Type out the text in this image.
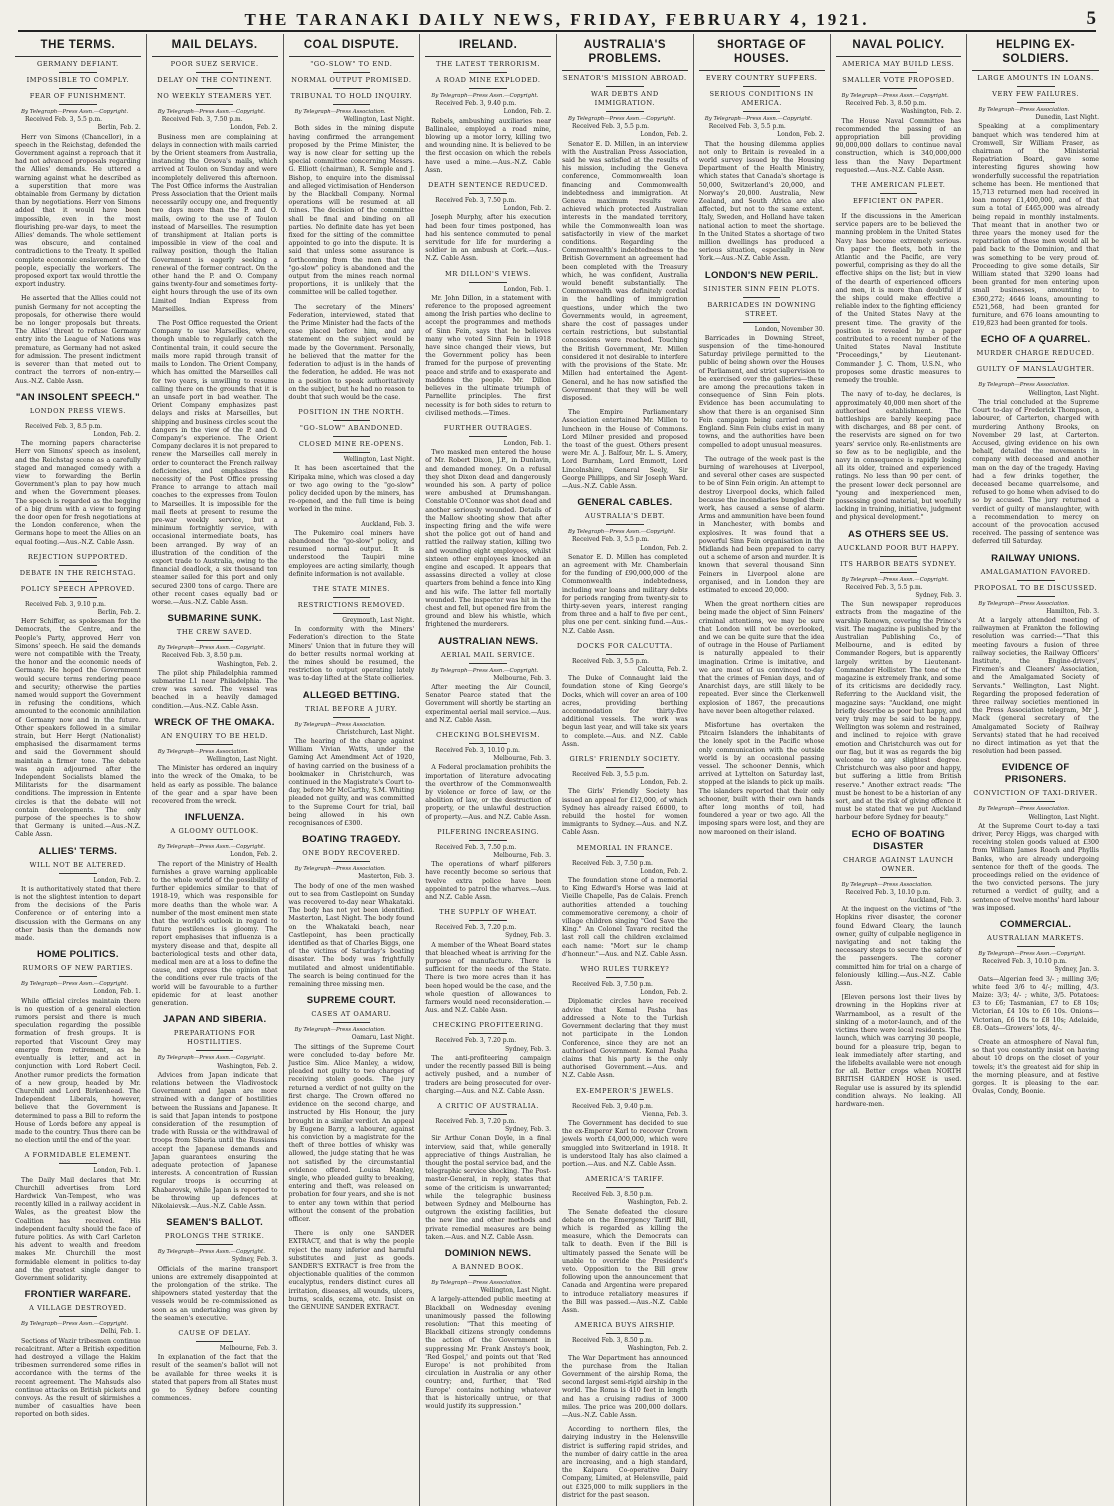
THE TARANAKI DAILY NEWS, FRIDAY, FEBRUARY 4, 1921.	5
THE TERMS.
GERMANY DEFIANT.
IMPOSSIBLE TO COMPLY.
FEAR OF FUNISHMENT.
By Telegraph—Press Assn.—Copyright.
Received Feb. 3, 5.5 p.m.
Berlin, Feb. 2.
Herr von Simons (Chancellor), in a speech in the Reichstag, defended the Government against a reproach that it had not advanced proposals regarding the Allies' demands. He uttered a warning against what he described as a superstition that more was obtainable from Germany by dictation than by negotiations. Herr von Simons added that it would have been impossible, even in the most flourishing pre-war days, to meet the Allies' demands. The whole settlement was obscure, and contained contradictions to the Treaty. It spelled complete economic enslavement of the people, especially the workers. The proposed export tax would throttle the export industry.
He asserted that the Allies could not punish Germany for not accepting the proposals, for otherwise there would be no longer proposals but threats. The Allies' threat to refuse Germany entry into the League of Nations was premature, as Germany had not asked for admission. The present indictment is severer than that meted out to contract the terrors of non-entry.—Aus.-N.Z. Cable Assn.
"AN INSOLENT SPEECH."
LONDON PRESS VIEWS.
Received Feb. 3, 8.5 p.m.
London, Feb. 2.
The morning papers characterise Herr von Simons' speech as insolent, and the Reichstag scene as a carefully staged and managed comedy with a view to forwarding the Berlin Government's plan to pay how much and when the Government pleases. The speech is regarded as the begging of a big drum with a view to forging the door open for fresh negotiations at the London conference, when the Germans hope to meet the Allies on an equal footing.—Aus.-N.Z. Cable Assn.
REJECTION SUPPORTED.
DEBATE IN THE REICHSTAG.
POLICY SPEECH APPROVED.
Received Feb. 3, 9.10 p.m.
Berlin, Feb. 2.
Herr Schiffer, as spokesman for the Democrats, the Centre, and the People's Party, approved Herr von Simons' speech. He said the demands were not compatible with the Treaty, the honor and the economic needs of Germany. He hoped the Government would secure terms rendering peace and security; otherwise the parties named would support the Government in refusing the conditions, which amounted to the economic annihilation of Germany now and in the future. Other speakers followed in a similar strain, but Herr Hergt (Nationalist) emphasised the disarmament terms and said the Government should maintain a firmer tone. The debate was again adjourned after the Independent Socialists blamed the Militarists for the disarmament conditions. The impression in Entente circles is that the debate will not contain developments. The only purpose of the speeches is to show that Germany is united.—Aus.-N.Z. Cable Assn.
ALLIES' TERMS.
WILL NOT BE ALTERED.
London, Feb. 2.
It is authoritatively stated that there is not the slightest intention to depart from the decisions of the Paris Conference or of entering into a discussion with the Germans on any other basis than the demands now made.
HOME POLITICS.
RUMORS OF NEW PARTIES.
By Telegraph—Press Assn.—Copyright.
London, Feb. 1.
While official circles maintain there is no question of a general election rumors persist and there is much speculation regarding the possible formation of fresh groups. It is reported that Viscount Grey may emerge from retirement, as he eventually is letter, and act in conjunction with Lord Robert Cecil. Another rumor predicts the formation of a new group, headed by Mr. Churchill and Lord Birkenhead. The Independent Liberals, however, believe that the Government is determined to pass a Bill to reform the House of Lords before any appeal is made to the country. Thus there can be no election until the end of the year.
A FORMIDABLE ELEMENT.
London, Feb. 1.
The Daily Mail declares that Mr. Churchill advertises from Lord Hardwick Van-Tempest, who was recently killed in a railway accident in Wales, as the greatest blow the Coalition has received. His independent faculty should the face of future politics. As with Carl Carleton his advent to wealth and freedom makes Mr. Churchill the most formidable element in politics to-day and the greatest single danger to Government solidarity.
FRONTIER WARFARE.
A VILLAGE DESTROYED.
By Telegraph—Press Assn.—Copyright.
Delhi, Feb. 1.
Sections of Wazir tribesmen continue recalcitrant. After a British expedition had destroyed a village the Hakim tribesmen surrendered some rifles in accordance with the terms of the recent agreement. The Mahsuds also continue attacks on British pickets and convoys. As the result of skirmishes a number of casualties have been reported on both sides.
MAIL DELAYS.
POOR SUEZ SERVICE.
DELAY ON THE CONTINENT.
NO WEEKLY STEAMERS YET.
By Telegraph—Press Assn.—Copyright.
Received Feb. 3, 7.50 p.m.
London, Feb. 2.
Business men are complaining at delays in connection with mails carried by the Orient steamers from Australia, instancing the Orsova's mails, which arrived at Toulon on Sunday and were incompletely delivered this afternoon. The Post Office informs the Australian Press Association that the Orient mails necessarily occupy one, and frequently two days more than the P. and O. mails, owing to the use of Toulon instead of Marseilles. The resumption of transhipment at Italian ports is impossible in view of the coal and railway position, though the Italian Government is eagerly seeking a renewal of the former contract. On the other hand the P. and O. Company gains twenty-four and sometimes forty-eight hours through the use of its own Limited Indian Express from Marseilles.
The Post Office requested the Orient Company to use Marseilles, where, though unable to regularly catch the Continental train, it could secure the mails more rapid through transit of mails to London. The Orient Company, which has omitted the Marseilles call for two years, is unwilling to resume calling there on the grounds that it is an unsafe port in bad weather. The Orient Company emphasizes past delays and risks at Marseilles, but shipping and business circles scout the dangers in the view of the P. and O. Company's experience. The Orient Company declares it is not prepared to renew the Marseilles call merely in order to counteract the French railway deficiencies, and emphasizes the necessity of the Post Office pressing France to arrange to attach mail coaches to the expresses from Toulon to Marseilles. It is impossible for the mail fleets at present to resume the pre-war weekly service, but a minimum fortnightly service, with occasional intermediate boats, has been arranged. By way of an illustration of the condition of the export trade to Australia, owing to the financial deadlock, a six thousand ton steamer sailed for this port and only secured 2300 tons of cargo. There are other recent cases equally bad or worse.—Aus.-N.Z. Cable Assn.
SUBMARINE SUNK.
THE CREW SAVED.
By Telegraph—Press Assn.—Copyright.
Received Feb. 3, 8.50 p.m.
Washington, Feb. 2.
The pilot ship Philadelphia rammed submarine L1 near Philadelphia. The crew was saved. The vessel was beached in a heavily damaged condition.—Aus.-N.Z. Cable Assn.
WRECK OF THE OMAKA.
AN ENQUIRY TO BE HELD.
By Telegraph—Press Association.
Wellington, Last Night.
The Minister has ordered an inquiry into the wreck of the Omaka, to be held as early as possible. The balance of the gear and a spar have been recovered from the wreck.
INFLUENZA.
A GLOOMY OUTLOOK.
By Telegraph—Press Assn.—Copyright.
London, Feb. 2.
The report of the Ministry of Health furnishes a grave warning applicable to the whole world of the possibility of further epidemics similar to that of 1918-19, which was responsible for more deaths than the whole war. A number of the most eminent men state that the world's outlook in regard to future pestilences is gloomy. The report emphasises that influenza is a mystery disease and that, despite all bacteriological tests and other data, medical men are at a loss to define the cause, and express the opinion that the conditions ever rule tracts of the world will be favourable to a further epidemic for at least another generation.
JAPAN AND SIBERIA.
PREPARATIONS FOR HOSTILITIES.
By Telegraph—Press Assn.—Copyright.
Washington, Feb. 2.
Advices from Japan indicate that relations between the Vladivostock Government and Japan are more strained with a danger of hostilities between the Russians and Japanese. It is said that Japan intends to postpone consideration of the resumption of trade with Russia or the withdrawal of troops from Siberia until the Russians accept the Japanese demands and Japan guarantees ensuring the adequate protection of Japanese interests. A concentration of Russian regular troops is occurring at Khabarovsk, while Japan is reported to be throwing up defences at Nikolaievsk.—Aus.-N.Z. Cable Assn.
SEAMEN'S BALLOT.
PROLONGS THE STRIKE.
By Telegraph—Press Assn.—Copyright.
Sydney, Feb. 3.
Officials of the marine transport unions are extremely disappointed at the prolongation of the strike. The shipowners stated yesterday that the vessels would be re-commissioned as soon as an undertaking was given by the seamen's executive.
CAUSE OF DELAY.
Melbourne, Feb. 3.
In explanation of the fact that the result of the seamen's ballot will not be available for three weeks it is stated that papers from all States must go to Sydney before counting commences.
COAL DISPUTE.
"GO-SLOW" TO END.
NORMAL OUTPUT PROMISED.
TRIBUNAL TO HOLD INQUIRY.
By Telegraph—Press Association.
Wellington, Last Night.
Both sides in the mining dispute having confirmed the arrangement proposed by the Prime Minister, the way is now clear for setting up the special committee concerning Messrs. G. Elliott (chairman), R. Semple and J. Bishop, to enquire into the dismissal and alleged victimisation of Henderson by the Blackball Company. Normal operations will be resumed at all mines. The decision of the committee shall be final and binding on all parties. No definite date has yet been fixed for the sitting of the committee appointed to go into the dispute. It is said that unless some assurance is forthcoming from the men that the "go-slow" policy is abandoned and the output from the mines reach normal proportions, it is unlikely that the committee will be called together.
The secretary of the Miners' Federation, interviewed, stated that the Prime Minister had the facts of the case placed before him, and any statement on the subject would be made by the Government. Personally, he believed that the matter for the federation to adjust is in the hands of the federation, he added. He was not in a position to speak authoritatively on the subject, but he had no reason to doubt that such would be the case.
POSITION IN THE NORTH.
"GO-SLOW" ABANDONED.
CLOSED MINE RE-OPENS.
Wellington, Last Night.
It has been ascertained that the Kiripaka mine, which was closed a day or two ago owing to the "go-slow" policy decided upon by the miners, has re-opened, and the full time is being worked in the mine.
Auckland, Feb. 3.
The Pukemiro coal miners have abandoned the "go-slow" policy, and resumed normal output. It is understood the Taupiri mine employees are acting similarly, though definite information is not available.
THE STATE MINES.
RESTRICTIONS REMOVED.
Greymouth, Last Night.
In conformity with the Miners' Federation's direction to the State Miners' Union that in future they will do better results normal working at the mines should be resumed, the restriction to output operating lately was to-day lifted at the State collieries.
ALLEGED BETTING.
TRIAL BEFORE A JURY.
By Telegraph—Press Association.
Christchurch, Last Night.
The hearing of the charge against William Vivian Watts, under the Gaming Act Amendment Act of 1920, of having carried on the business of a bookmaker in Christchurch, was continued in the Magistrate's Court to-day, before Mr McCarthy, S.M. Whiting pleaded not guilty, and was committed to the Supreme Court for trial, bail being allowed in his own recognisances of £300.
BOATING TRAGEDY.
ONE BODY RECOVERED.
By Telegraph—Press Association.
Masterton, Feb. 3.
The body of one of the men washed out to sea from Castlepoint on Sunday was recovered to-day near Whakataki. The body has not yet been identified. Masterton, Last Night. The body found on the Whakataki beach, near Castlepoint, has been practically identified as that of Charles Biggs, one of the victims of Saturday's boating disaster. The body was frightfully mutilated and almost unidentifiable. The search is being continued for the remaining three missing men.
SUPREME COURT.
CASES AT OAMARU.
By Telegraph—Press Association.
Oamaru, Last Night.
The sittings of the Supreme Court were concluded to-day before Mr. Justice Sim. Alice Manley, a widow, pleaded not guilty to two charges of receiving stolen goods. The jury returned a verdict of not guilty on the first charge. The Crown offered no evidence on the second charge, and instructed by His Honour, the jury brought in a similar verdict. An appeal by Eugene Barry, a labourer, against his conviction by a magistrate for the theft of three bottles of whisky was allowed, the judge stating that he was not satisfied by the circumstantial evidence offered. Louisa Manley, single, who pleaded guilty to breaking, entering and theft, was released on probation for four years, and she is not to enter any town within that period without the consent of the probation officer.
There is only one SANDER EXTRACT, and that is why the people reject the many inferior and harmful substitutes and just as goods. SANDER'S EXTRACT is free from the objectionable qualities of the common eucalyptus, renders distinct cures all irritation, diseases, all wounds, ulcers, burns, scalds, eczema, etc. Insist on the GENUINE SANDER EXTRACT.
IRELAND.
THE LATEST TERRORISM.
A ROAD MINE EXPLODED.
By Telegraph—Press Assn.—Copyright.
Received Feb. 3, 9.40 p.m.
London, Feb. 2.
Rebels, ambushing auxiliaries near Ballinalee, employed a road mine, blowing up a motor lorry, killing two and wounding nine. It is believed to be the first occasion on which the rebels have used a mine.—Aus.-N.Z. Cable Assn.
DEATH SENTENCE REDUCED.
Received Feb. 3, 7.50 p.m.
London, Feb. 2.
Joseph Murphy, after his execution had been four times postponed, has had his sentence commuted to penal servitude for life for murdering a soldier in an ambush at Cork.—Aus.-N.Z. Cable Assn.
MR DILLON'S VIEWS.
London, Feb. 1.
Mr. John Dillon, in a statement with reference to the proposed agreement among the Irish parties who decline to accept the programmes and methods of Sinn Fein, says that he believes many who voted Sinn Fein in 1918 have since changed their views, but the Government policy has been framed for the purpose of preventing peace and strife and to exasperate and maddens the people. Mr. Dillon believes in the ultimate triumph of Parnellite principles. The first necessity is for both sides to return to civilised methods.—Times.
FURTHER OUTRAGES.
London, Feb. 1.
Two masked men entered the house of Mr. Robert Dixon, J.P., in Dunlavin, and demanded money. On a refusal they shot Dixon dead and dangerously wounded his son. A party of police were ambushed at Drumshangan. Constable O'Connor was shot dead and another seriously wounded. Details of the Mallow shooting show that after inspecting firing and the wife were shot the police got out of hand and rattled the railway station, killing two and wounding eight employees, whilst sixteen other employees knocked an engine and escaped. It appears that assassins directed a volley at close quarters from behind a fence into King and his wife. The latter fell mortally wounded. The inspector was hit in the chest and fell, but opened fire from the ground and blew his whistle, which frightened the murderers.
AUSTRALIAN NEWS.
AERIAL MAIL SERVICE.
By Telegraph—Press Assn.—Copyright.
Melbourne, Feb. 3.
After meeting the Air Council, Senator Pearce stated that the Government will shortly be starting an experimental aerial mail service.—Aus. and N.Z. Cable Assn.
CHECKING BOLSHEVISM.
Received Feb. 3, 10.10 p.m.
Melbourne, Feb. 3.
A Federal proclamation prohibits the importation of literature advocating the overthrow of the Commonwealth by violence or force of law, or the abolition of law, or the destruction of property, or the unlawful destruction of property.—Aus. and N.Z. Cable Assn.
PILFERING INCREASING.
Received Feb. 3, 7.50 p.m.
Melbourne, Feb. 3.
The operations of wharf pilferers have recently become so serious that twelve extra police have been appointed to patrol the wharves.—Aus. and N.Z. Cable Assn.
THE SUPPLY OF WHEAT.
Received Feb. 3, 7.20 p.m.
Sydney, Feb. 3.
A member of the Wheat Board states that bleached wheat is arriving for the purpose of manufacture. There is sufficient for the needs of the State. There is two more acres than it has been hoped would be the case, and the whole question of allowances to farmers would need reconsideration.—Aus. and N.Z. Cable Assn.
CHECKING PROFITEERING.
Received Feb. 3, 7.20 p.m.
Sydney, Feb. 3.
The anti-profiteering campaign under the recently passed Bill is being actively pushed, and a number of traders are being prosecuted for over-charging.—Aus. and N.Z. Cable Assn.
A CRITIC OF AUSTRALIA.
Received Feb. 3, 7.20 p.m.
Sydney, Feb. 3.
Sir Arthur Conan Doyle, in a final interview, said that, while generally appreciative of things Australian, he thought the postal service bad, and the telegraphic service shocking. The Post-master-General, in reply, states that some of the criticism is unwarranted; while the telegraphic business between Sydney and Melbourne has outgrown the existing facilities, but the new line and other methods and private remedial measures are being taken.—Aus. and N.Z. Cable Assn.
DOMINION NEWS.
A BANNED BOOK.
By Telegraph—Press Association.
Wellington, Last Night.
A largely-attended public meeting at Blackball on Wednesday evening unanimously passed the following resolution: "That this meeting of Blackball citizens strongly condemns the action of the Government in suppressing Mr. Frank Anstey's book, 'Red Gospel,' and points out that 'Red Europe' is not prohibited from circulation in Australia or any other country; and, further, that 'Red Europe' contains nothing whatever that is historically untrue, or that would justify its suppression."
AUSTRALIA'S PROBLEMS.
SENATOR'S MISSION ABROAD.
WAR DEBTS AND IMMIGRATION.
By Telegraph—Press Assn.—Copyright.
Received Feb. 3, 5.5 p.m.
London, Feb. 2.
Senator E. D. Millen, in an interview with the Australian Press Association, said he was satisfied at the results of his mission, including the Geneva conference, Commonwealth loan financing and Commonwealth indebtedness and immigration. At Geneva maximum results were achieved which protected Australian interests in the mandated territory, while the Commonwealth loan was satisfactorily in view of the market conditions. Regarding the Commonwealth's indebtedness to the British Government an agreement had been completed with the Treasury which, he was confident, Australia would benefit substantially. The Commonwealth was definitely cordial in the handling of immigration questions, under which the two Governments would, in agreement, share the cost of passages under certain restrictions, but substantial concessions were reached. Touching the British Government, Mr. Millen considered it not desirable to interfere with the provisions of the State. Mr. Millen had entertained the Agent-General, and he has now satisfied the Government that they will be well disposed.
The Empire Parliamentary Association entertained Mr. Millen to luncheon in the House of Commons. Lord Milner presided and proposed the toast of the guest. Others present were Mr. A. J. Balfour, Mr. L. S. Amery, Lord Burnham, Lord Emmott, Lord Lincolnshire, General Seely, Sir George Phillipps, and Sir Joseph Ward.—Aus.-N.Z. Cable Assn.
GENERAL CABLES.
AUSTRALIA'S DEBT.
By Telegraph—Press Assn.—Copyright.
Received Feb. 3, 5.5 p.m.
London, Feb. 2.
Senator E. D. Millen has completed an agreement with Mr. Chamberlain for the funding of £90,000,000 of the Commonwealth indebtedness, including war loans and military debts for periods ranging from twenty-six to thirty-seven years, interest ranging from three and a half to five per cent., plus one per cent. sinking fund.—Aus.-N.Z. Cable Assn.
DOCKS FOR CALCUTTA.
Received Feb. 3, 5.5 p.m.
Calcutta, Feb. 2.
The Duke of Connaught laid the foundation stone of King George's Docks, which will cover an area of 100 acres, providing berthing accommodation for thirty-five additional vessels. The work was begun last year, and will take six years to complete.—Aus. and N.Z. Cable Assn.
GIRLS' FRIENDLY SOCIETY.
Received Feb. 3, 5.5 p.m.
London, Feb. 2.
The Girls' Friendly Society has issued an appeal for £12,000, of which Sydney has already raised £6000, to rebuild the hostel for women immigrants to Sydney.—Aus. and N.Z. Cable Assn.
MEMORIAL IN FRANCE.
Received Feb. 3, 7.50 p.m.
London, Feb. 2.
The foundation stone of a memorial to King Edward's Horse was laid at Vieille Chapelle, Pas de Calais. French authorities attended a touching commemorative ceremony, a choir of village children singing "God Save the King." An Colonel Tavare recited the last roll call the children exclaimed each name: "Mort sur le champ d'honneur."—Aus. and N.Z. Cable Assn.
WHO RULES TURKEY?
Received Feb. 3, 7.50 p.m.
London, Feb. 2.
Diplomatic circles have received advice that Kemal Pasha has addressed a Note to the Turkish Government declaring that they must not participate in the London Conference, since they are not an authorised Government. Kemal Pasha claims that his party is the only authorised Government.—Aus. and N.Z. Cable Assn.
EX-EMPEROR'S JEWELS.
Received Feb. 3, 9.40 p.m.
Vienna, Feb. 3.
The Government has decided to sue the ex-Emperor Karl to recover Crown jewels worth £4,000,000, which were smuggled into Switzerland in 1918. It is understood Italy has also claimed a portion.—Aus. and N.Z. Cable Assn.
AMERICA'S TARIFF.
Received Feb. 3, 8.50 p.m.
Washington, Feb. 2.
The Senate defeated the closure debate on the Emergency Tariff Bill, which is regarded as killing the measure, which the Democrats can talk to death. Even if the Bill is ultimately passed the Senate will be unable to override the President's veto. Opposition to the Bill grew following upon the announcement that Canada and Argentina were prepared to introduce retaliatory measures if the Bill was passed.—Aus.-N.Z. Cable Assn.
AMERICA BUYS AIRSHIP.
Received Feb. 3, 8.50 p.m.
Washington, Feb. 2.
The War Department has announced the purchase from the Italian Government of the airship Roma, the second largest semi-rigid airship in the world. The Roma is 410 feet in length and has a cruising radius of 3000 miles. The price was 200,000 dollars.—Aus.-N.Z. Cable Assn.
According to northern files, the dairying industry in the Helensville district is suffering rapid strides, and the number of dairy cattle in the area are increasing, and a high standard, the Kaipara Co-operative Dairy Company, Limited, at Helensville, paid out £325,000 to milk suppliers in the district for the past season.
SHORTAGE OF HOUSES.
EVERY COUNTRY SUFFERS.
SERIOUS CONDITIONS IN AMERICA.
By Telegraph—Press Assn.—Copyright.
Received Feb. 3, 5.5 p.m.
London, Feb. 2.
That the housing dilemma applies not only to Britain is revealed in a world survey issued by the Housing Department of the Health Ministry, which states that Canada's shortage is 50,000, Switzerland's 20,000, and Norway's 20,000. Australia, New Zealand, and South Africa are also affected, but not to the same extent. Italy, Sweden, and Holland have taken national action to meet the shortage. In the United States a shortage of two million dwellings has produced a serious situation, especially in New York.—Aus.-N.Z. Cable Assn.
LONDON'S NEW PERIL.
SINISTER SINN FEIN PLOTS.
BARRICADES IN DOWNING STREET.
London, November 30.
Barricades in Downing Street, suspension of the time-honoured Saturday privilege permitted to the public of being shown over the Houses of Parliament, and strict supervision to be exercised over the galleries—these are among the precautions taken in consequence of Sinn Fein plots. Evidence has been accumulating to show that there is an organised Sinn Fein campaign being carried out in England. Sinn Fein clubs exist in many towns, and the authorities have been compelled to adopt unusual measures.
The outrage of the week past is the burning of warehouses at Liverpool, and several other cases are suspected to be of Sinn Fein origin. An attempt to destroy Liverpool docks, which failed because the incendiaries bungled their work, has caused a sense of alarm. Arms and ammunition have been found in Manchester, with bombs and explosives. It was found that a powerful Sinn Fein organisation in the Midlands had been prepared to carry out a scheme of arson and murder. It is known that several thousand Sinn Feiners in Liverpool alone are organised, and in London they are estimated to exceed 20,000.
When the great northern cities are being made the object of Sinn Feiners' criminal attentions, we may be sure that London will not be overlooked, and we can be quite sure that the idea of outrage in the House of Parliament is naturally appealed to their imagination. Crime is imitative, and we are most of us convinced to-day that the crimes of Fenian days, and of Anarchist days, are still likely to be repeated. Ever since the Clerkenwell explosion of 1867, the precautions have never been altogether relaxed.
Misfortune has overtaken the Pitcairn Islanders the inhabitants of the lonely spot in the Pacific whose only communication with the outside world is by an occasional passing vessel. The schooner Dennis, which arrived at Lyttelton on Saturday last, stopped at the islands to pick up mails. The islanders reported that their only schooner, built with their own hands after long months of toil, had foundered a year or two ago. All the imposing spars were lost, and they are now marooned on their island.
NAVAL POLICY.
AMERICA MAY BUILD LESS.
SMALLER VOTE PROPOSED.
By Telegraph—Press Assn.—Copyright.
Received Feb. 3, 8.50 p.m.
Washington, Feb. 2.
The House Naval Committee has recommended the passing of an appropriation bill providing 90,000,000 dollars to continue naval construction, which is 340,000,000 less than the Navy Department requested.—Aus.-N.Z. Cable Assn.
THE AMERICAN FLEET.
EFFICIENT ON PAPER.
If the discussions in the American service papers are to be believed the manning problem in the United States Navy has become extremely serious. On paper the fleets, both in the Atlantic and the Pacific, are very powerful, comprising as they do all the effective ships on the list; but in view of the dearth of experienced officers and men, it is more than doubtful if the ships could make effective a reliable index to the fighting efficiency of the United States Navy at the present time. The gravity of the position is revealed by a paper contributed to a recent number of the United States Naval Institute "Proceedings," by Lieutenant-Commander J. C. Thom, U.S.N., who proposes some drastic measures to remedy the trouble.
The navy of to-day, he declares, is approximately 40,000 men short of the authorised establishment. The battleships are barely keeping pace with discharges, and 88 per cent. of the reservists are signed on for two years' service only. Re-enlistments are so few as to be negligible, and the navy in consequence is rapidly losing all its older, trained and experienced ratings. No less than 90 per cent. of the present lower deck personnel are "young and inexperienced men, possessing good material, but woefully lacking in training, initiative, judgment and physical development."
AS OTHERS SEE US.
AUCKLAND POOR BUT HAPPY.
ITS HARBOR BEATS SYDNEY.
By Telegraph—Press Assn.—Copyright.
Received Feb. 3, 5.5 p.m.
Sydney, Feb. 3.
The Sun newspaper reproduces extracts from the magazine of the warship Renown, covering the Prince's visit. The magazine is published by the Australian Publishing Co., of Melbourne, and is edited by Commander Rogers, but is apparently largely written by Lieutenant-Commander Hollister. The tone of the magazine is extremely frank, and some of its criticisms are decidedly racy. Referring to the Auckland visit, the magazine says: "Auckland, one might briefly describe as poor but happy, and very truly may be said to be happy. Wellington was solemn and restrained, and inclined to rejoice with grave emotion and Christchurch was out for our flag, but it was as regards the big welcome to any slightest degree. Christchurch was also poor and happy, but suffering a little from British reserve." Another extract reads: "The must be honest to be a historian of any sort, and at the risk of giving offence it must be stated that we put Auckland harbour before Sydney for beauty."
ECHO OF BOATING DISASTER
CHARGE AGAINST LAUNCH OWNER.
By Telegraph—Press Association.
Received Feb. 3, 10.10 p.m.
Auckland, Feb. 3.
At the inquest on the victims of "the Hopkins river disaster, the coroner found Edward Cleary, the launch owner, guilty of culpable negligence in navigating and not taking the necessary steps to secure the safety of the passengers. The coroner committed him for trial on a charge of feloniously killing.—Aus.-N.Z. Cable Assn.
[Eleven persons lost their lives by drowning in the Hopkins river at Warrnambool, as a result of the sinking of a motor-launch, and of the victims there were local residents. The launch, which was carrying 30 people, bound for a pleasure trip, began to leak immediately after starting, and the lifebelts available were not enough for all. Better crops when NORTH BRITISH GARDEN HOSE is used. Regular use is assured by its splendid condition always. No leaking. All hardware-men.
HELPING EX-SOLDIERS.
LARGE AMOUNTS IN LOANS.
VERY FEW FAILURES.
By Telegraph—Press Association.
Dunedin, Last Night.
Speaking at a complimentary banquet which was tendered him at Cromwell, Sir William Fraser, as chairman of the Ministerial Repatriation Board, gave some interesting figures showing how wonderfully successful the repatriation scheme has been. He mentioned that 15,713 returned men had received in loan money £1,400,000, and of that sum a total of £465,000 was already being repaid in monthly instalments. That meant that in another two or three years the money used for the repatriation of these men would all be paid back to the Dominion, and that was something to be very proud of. Proceeding to give some details, Sir William stated that 3290 loans had been granted for men entering upon small businesses, amounting to £360,272; 4646 loans, amounting to £521,568, had been granted for furniture, and 676 loans amounting to £19,823 had been granted for tools.
ECHO OF A QUARREL.
MURDER CHARGE REDUCED.
GUILTY OF MANSLAUGHTER.
By Telegraph—Press Association.
Wellington, Last Night.
The trial concluded at the Supreme Court to-day of Frederick Thompson, a labourer, of Carterton, charged with murdering Anthony Brooks, on November 29 last, at Carterton. Accused, giving evidence on his own behalf, detailed the movements in company with deceased and another man on the day of the tragedy. Having had a few drinks together, the deceased became quarrelsome, and refused to go home when advised to do so by accused. The jury returned a verdict of guilty of manslaughter, with a recommendation to mercy on account of the provocation accused received. The passing of sentence was deferred till Saturday.
RAILWAY UNIONS.
AMALGAMATION FAVORED.
PROPOSAL TO BE DISCUSSED.
By Telegraph—Press Association.
Hamilton, Feb. 3.
At a largely attended meeting of railwaymen at Frankton the following resolution was carried:—"That this meeting favours a fusion of three railway societies, the Railway Officers' Institute, the Engine-drivers', Firemen's and Cleaners' Association, and the Amalgamated Society of Servants." Wellington, Last Night. Regarding the proposed federation of three railway societies mentioned in the Press Association telegram, Mr J. Mack (general secretary of the Amalgamated Society of Railway Servants) stated that he had received no direct intimation as yet that the resolution had been passed.
EVIDENCE OF PRISONERS.
CONVICTION OF TAXI-DRIVER.
By Telegraph—Press Association.
Wellington, Last Night.
At the Supreme Court to-day a taxi driver, Percy Higgs, was charged with receiving stolen goods valued at £300 from William James Roach and Phyllis Banks, who are already undergoing sentence for theft of the goods. The proceedings relied on the evidence of the two convicted persons. The jury returned a verdict of guilty, and a sentence of twelve months' hard labour was imposed.
COMMERCIAL.
AUSTRALIAN MARKETS.
By Telegraph—Press Assn.—Copyright.
Received Feb. 3, 10.10 p.m.
Sydney, Jan. 3.
Oats—Algerian feed 3/- ; milling 3/6; white feed 3/6 to 4/-; milling, 4/3. Maize: 3/3; 4/- ; white, 3/5. Potatoes: £3 to £6; Tasmanian, £7 to £8 10s; Victorian, £4 10s to £6 10s. Onions—Victorian, £6 10s to £8 10s; Adelaide, £8. Oats—Growers' lots, 4/-.
Create an atmosphere of Naval fun, so that you constantly insist on having about 10 drops on the closet of your towels; it's the greatest aid for ship in the morning pleasure, and at festive gorges. It is pleasing to the ear. Ovalas, Condy, Boonie.
